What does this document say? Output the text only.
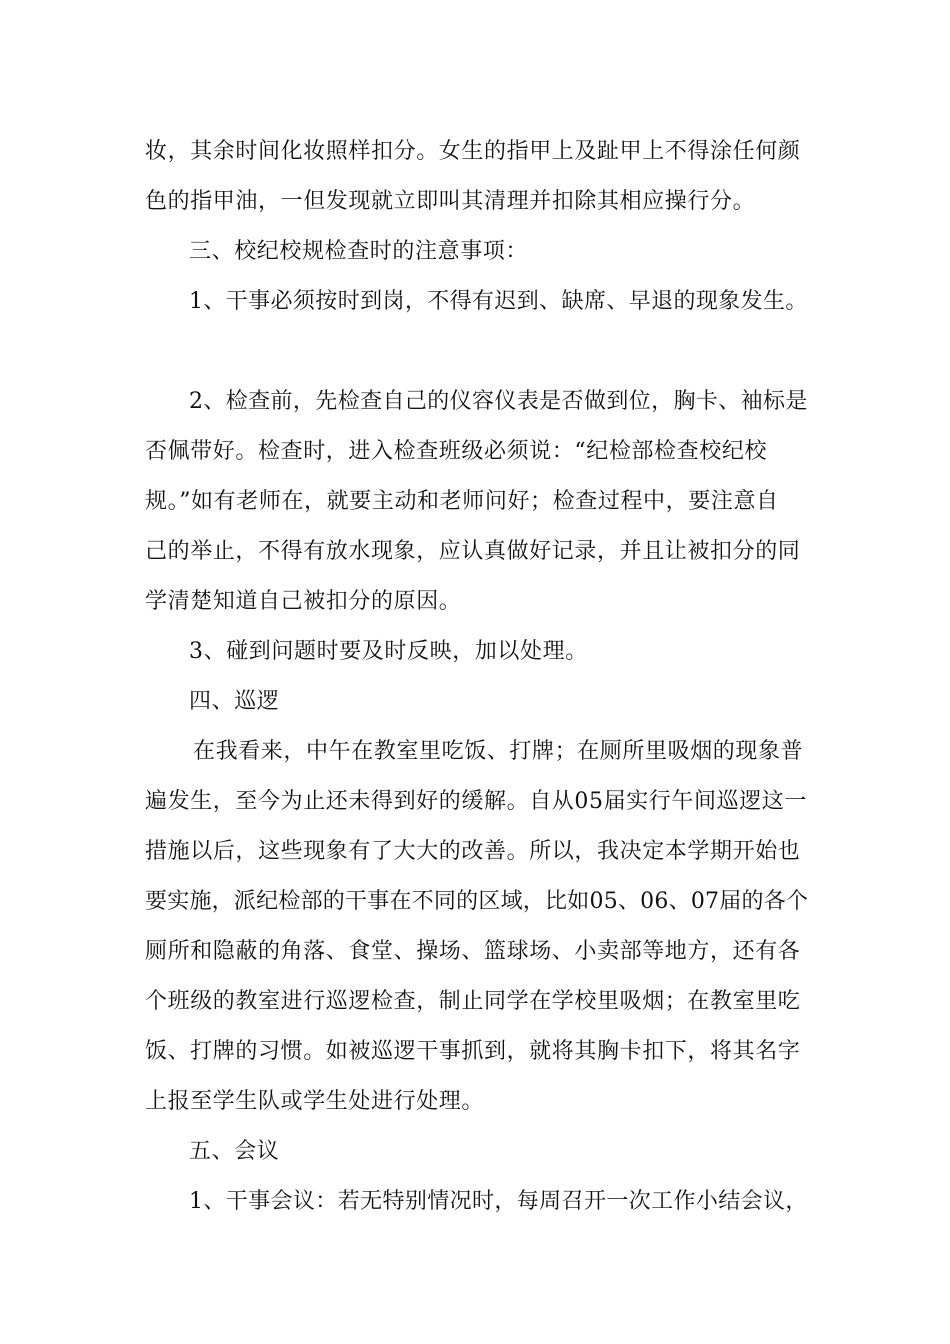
妆，其余时间化妆照样扣分。女生的指甲上及趾甲上不得涂任何颜
色的指甲油，一但发现就立即叫其清理并扣除其相应操行分。
三、校纪校规检查时的注意事项：
1、干事必须按时到岗，不得有迟到、缺席、早退的现象发生。
2、检查前，先检查自己的仪容仪表是否做到位，胸卡、袖标是
否佩带好。检查时，进入检查班级必须说：“纪检部检查校纪校
规。”如有老师在，就要主动和老师问好；检查过程中，要注意自
己的举止，不得有放水现象，应认真做好记录，并且让被扣分的同
学清楚知道自己被扣分的原因。
3、碰到问题时要及时反映，加以处理。
四、巡逻
在我看来，中午在教室里吃饭、打牌；在厕所里吸烟的现象普
遍发生，至今为止还未得到好的缓解。自从05届实行午间巡逻这一
措施以后，这些现象有了大大的改善。所以，我决定本学期开始也
要实施，派纪检部的干事在不同的区域，比如05、06、07届的各个
厕所和隐蔽的角落、食堂、操场、篮球场、小卖部等地方，还有各
个班级的教室进行巡逻检查，制止同学在学校里吸烟；在教室里吃
饭、打牌的习惯。如被巡逻干事抓到，就将其胸卡扣下，将其名字
上报至学生队或学生处进行处理。
五、会议
1、干事会议：若无特别情况时，每周召开一次工作小结会议，
